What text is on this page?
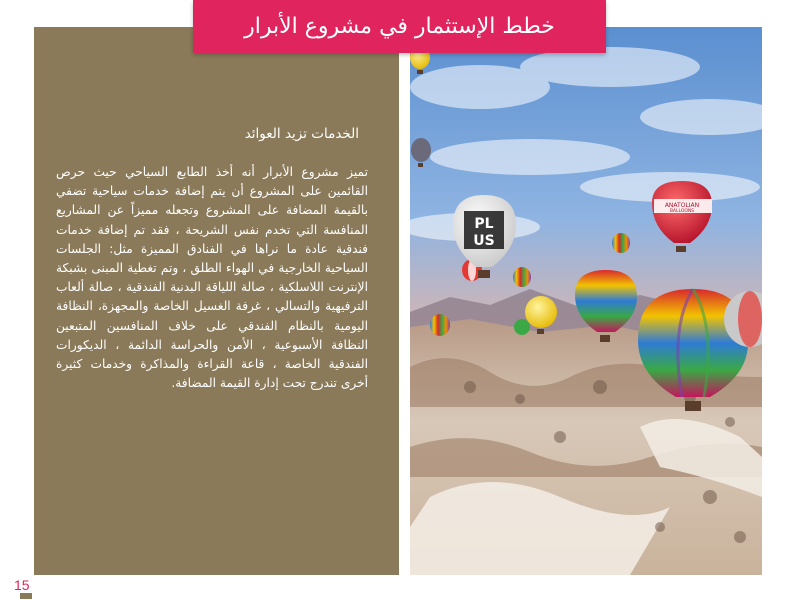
خطط الإستثمار في مشروع الأبرار
الخدمات تزيد العوائد

تميز مشروع الأبرار أنه أخذ الطابع السياحي حيث حرص القائمين على المشروع أن يتم إضافة خدمات سياحية تضفي بالقيمة المضافة على المشروع وتجعله مميزاً عن المشاريع المنافسة التي تخدم نفس الشريحة ، فقد تم إضافة خدمات فندقية عادة ما نراها في الفنادق المميزة مثل: الجلسات السياحية الخارجية في الهواء الطلق ، وتم تغطية المبنى بشبكة الإنترنت اللاسلكية ، صالة اللياقة البدنية الفندقية ، صالة ألعاب الترفيهية والتسالي ، غرفة الغسيل الخاصة والمجهزة، النظافة اليومية بالنظام الفندقي على خلاف المنافسين المتبعين النظافة الأسبوعية ، الأمن والحراسة الدائمة ، الديكورات الفندقية الخاصة ، قاعة القراءة والمذاكرة وخدمات كثيرة أخرى تندرج تحت إدارة القيمة المضافة.

PL
US
ANATOLIAN
BALLOONS
15
